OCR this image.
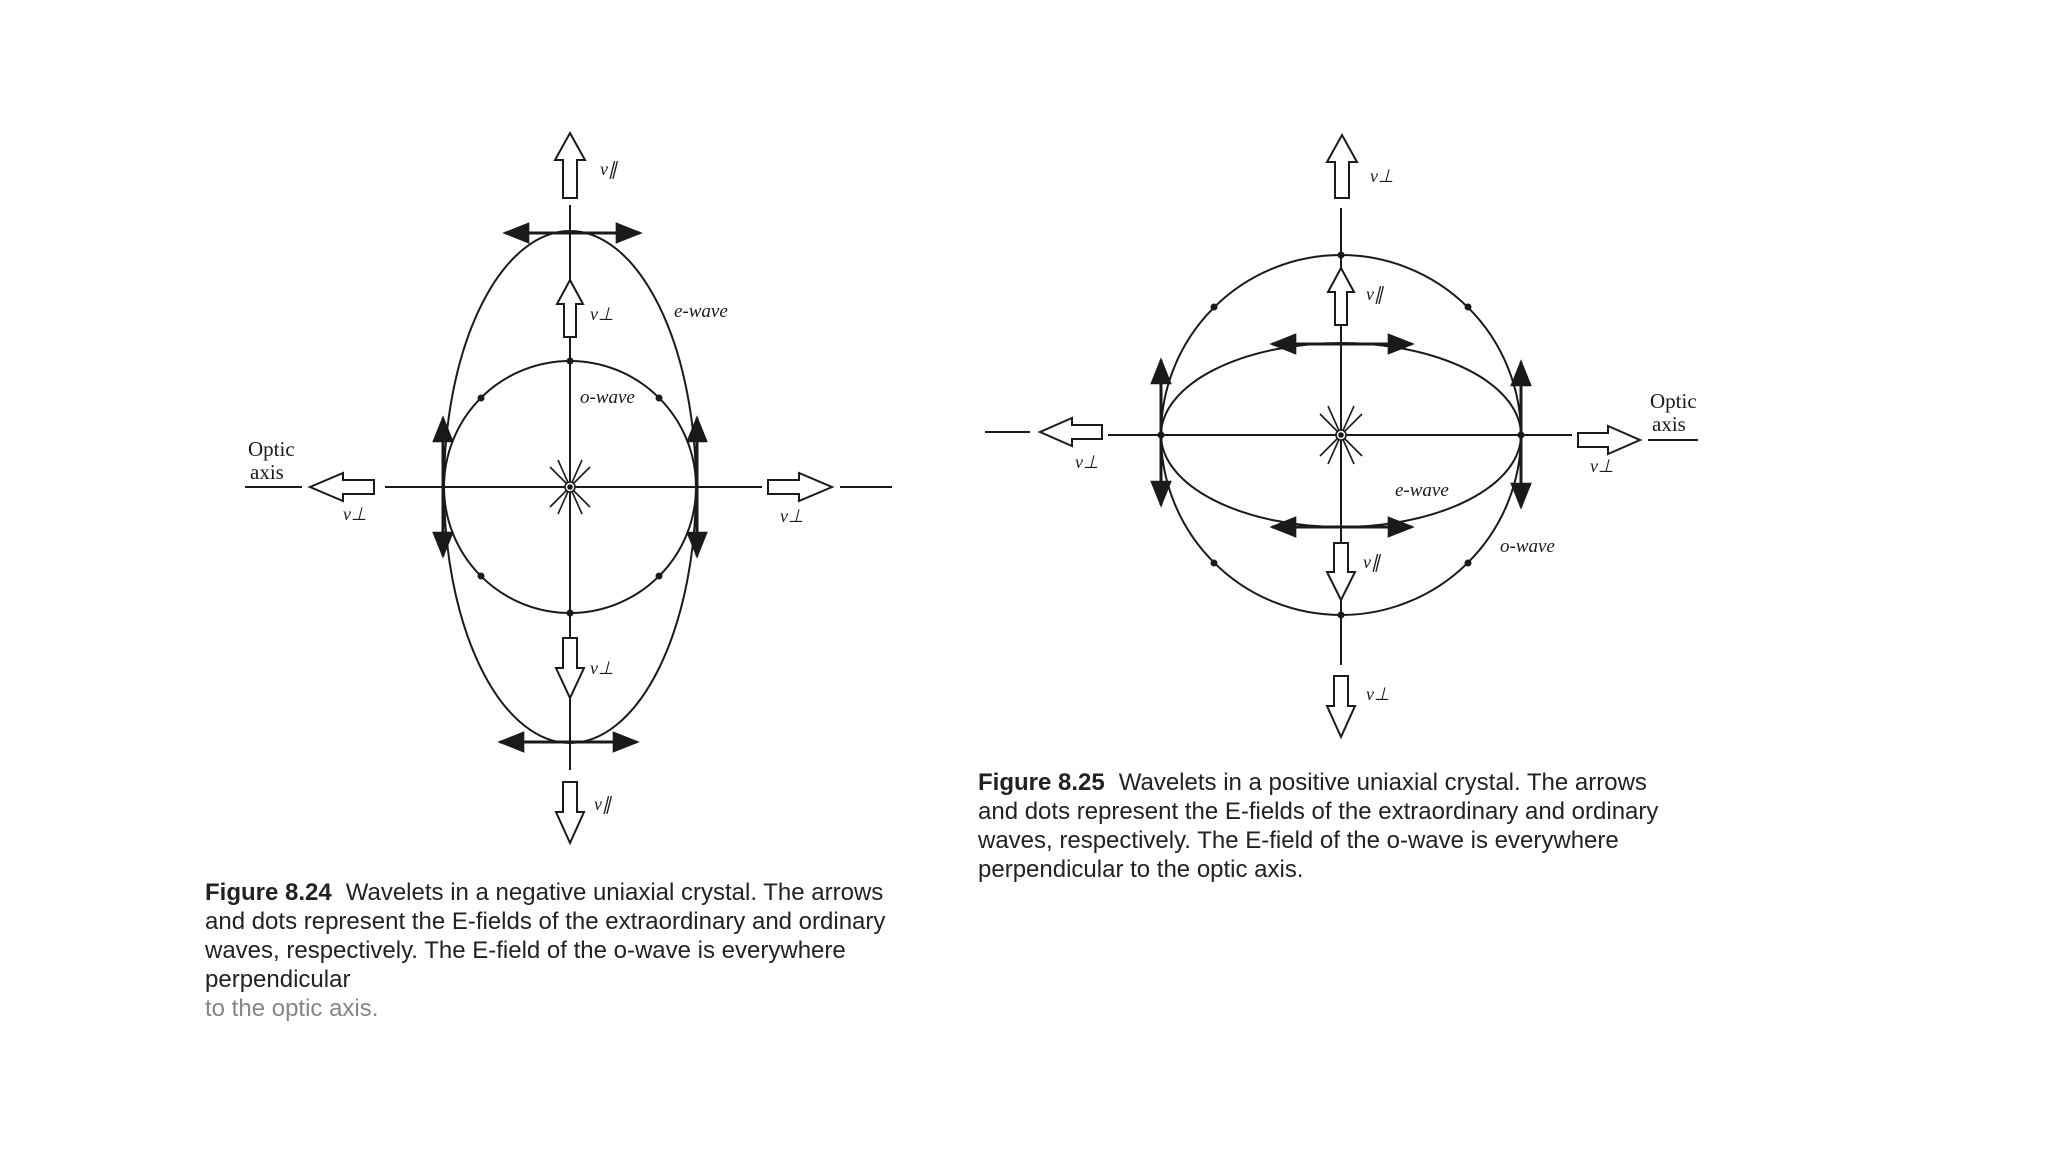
Optic
axis
e-wave
o-wave
v∥
v⊥
v⊥
v∥
v⊥	v⊥
Optic
axis
e-wave
o-wave
v⊥
v∥
v∥
v⊥
v⊥	v⊥
Figure 8.24 Wavelets in a negative uniaxial crystal. The arrows and dots represent the E-fields of the extraordinary and ordinary waves, respectively. The E-field of the o-wave is everywhere perpendicular
to the optic axis.
Figure 8.25 Wavelets in a positive uniaxial crystal. The arrows and dots represent the E-fields of the extraordinary and ordinary waves, respectively. The E-field of the o-wave is everywhere perpendicular to the optic axis.
